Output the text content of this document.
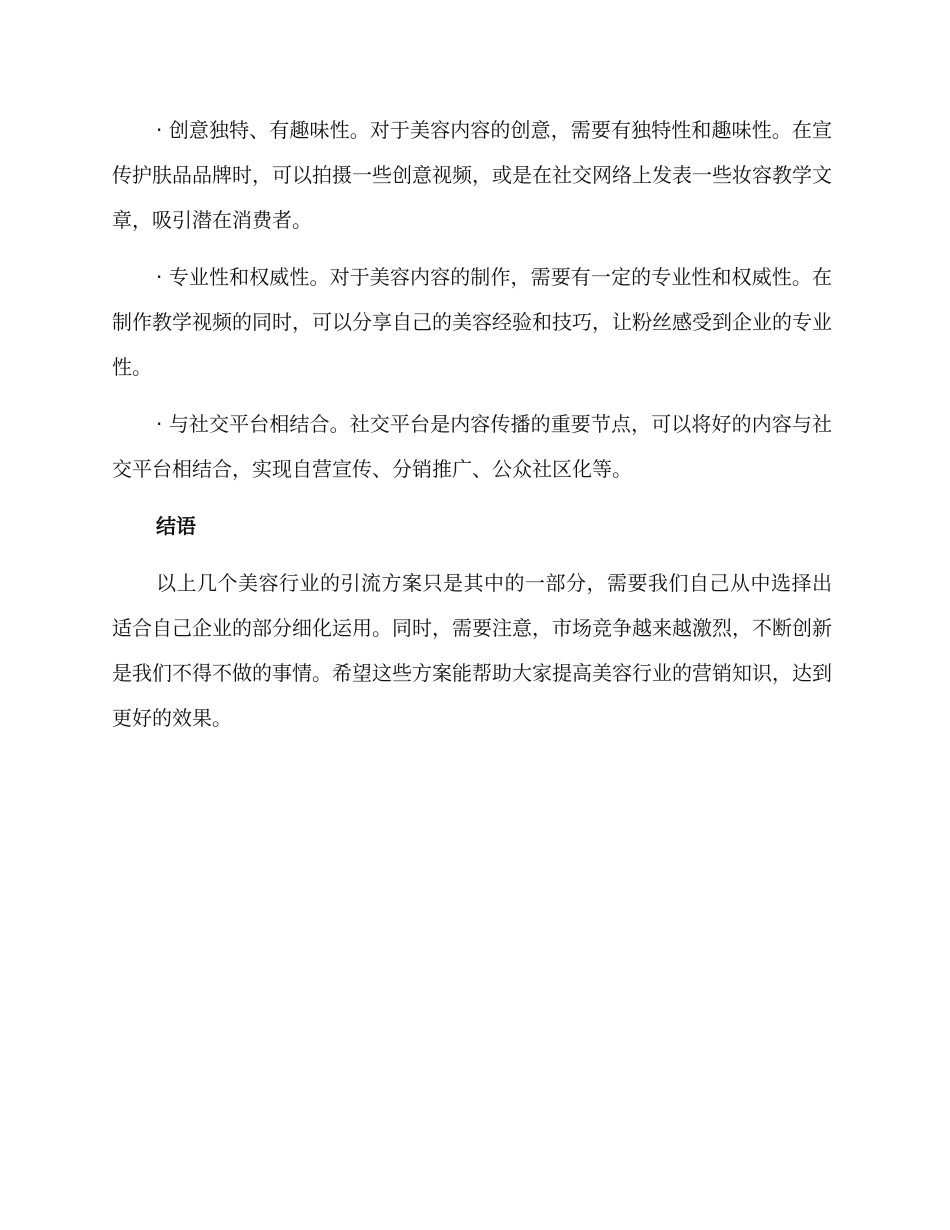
· 创意独特、有趣味性。对于美容内容的创意，需要有独特性和趣味性。在宣传护肤品品牌时，可以拍摄一些创意视频，或是在社交网络上发表一些妆容教学文章，吸引潜在消费者。

· 专业性和权威性。对于美容内容的制作，需要有一定的专业性和权威性。在制作教学视频的同时，可以分享自己的美容经验和技巧，让粉丝感受到企业的专业性。

· 与社交平台相结合。社交平台是内容传播的重要节点，可以将好的内容与社交平台相结合，实现自营宣传、分销推广、公众社区化等。

结语

以上几个美容行业的引流方案只是其中的一部分，需要我们自己从中选择出适合自己企业的部分细化运用。同时，需要注意，市场竞争越来越激烈，不断创新是我们不得不做的事情。希望这些方案能帮助大家提高美容行业的营销知识，达到更好的效果。
